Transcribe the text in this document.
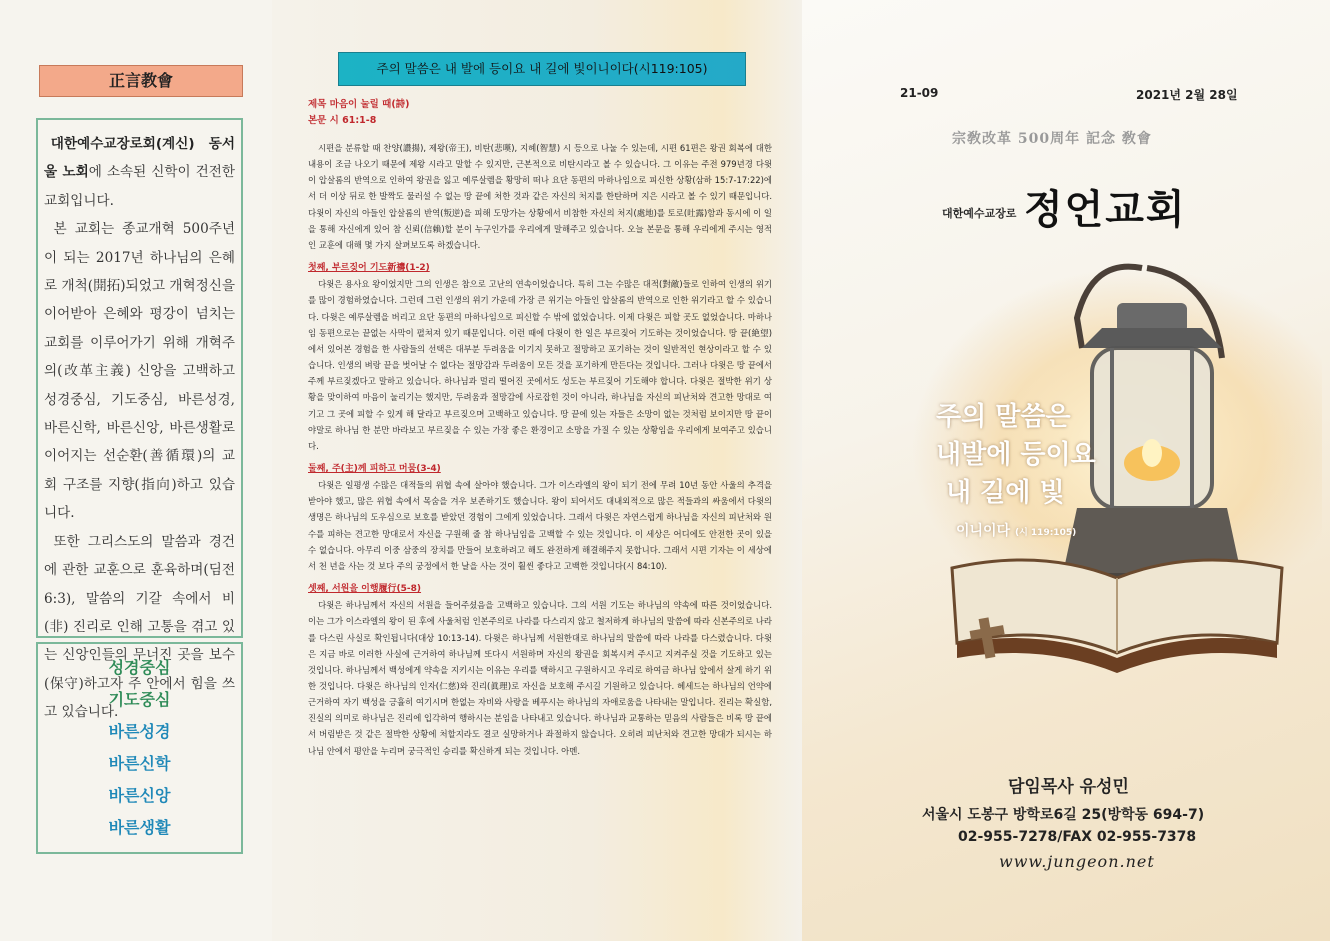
正言教會

대한예수교장로회(계신) 동서울 노회에 소속된 신학이 건전한 교회입니다.

본 교회는 종교개혁 500주년이 되는 2017년 하나님의 은혜로 개척(開拓)되었고 개혁정신을 이어받아 은혜와 평강이 넘치는 교회를 이루어가기 위해 개혁주의(改革主義) 신앙을 고백하고 성경중심, 기도중심, 바른성경, 바른신학, 바른신앙, 바른생활로 이어지는 선순환(善循環)의 교회 구조를 지향(指向)하고 있습니다.

또한 그리스도의 말씀과 경건에 관한 교훈으로 훈육하며(딤전 6:3), 말씀의 기갈 속에서 비(非) 진리로 인해 고통을 겪고 있는 신앙인들의 무너진 곳을 보수(保守)하고자 주 안에서 힘을 쓰고 있습니다.

성경중심
기도중심
바른성경
바른신학
바른신앙
바른생활
주의 말씀은 내 발에 등이요 내 길에 빛이니이다(시119:105)
제목 마음이 눌릴 때(詩)
본문 시 61:1-8

시편을 분류할 때 찬양(讚揚), 제왕(帝王), 비탄(悲嘆), 지혜(智慧) 시 등으로 나눌 수 있는데, 시편 61편은 왕권 회복에 대한 내용이 조금 나오기 때문에 제왕 시라고 말할 수 있지만, 근본적으로 비탄시라고 볼 수 있습니다. 그 이유는 주전 979년경 다윗이 압살롬의 반역으로 인하여 왕권을 잃고 예루살렘을 황망히 떠나 요단 동편의 마하나임으로 피신한 상황(삼하 15:7-17:22)에서 더 이상 뒤로 한 발짝도 물러설 수 없는 땅 끝에 처한 것과 같은 자신의 처지를 한탄하며 지은 시라고 볼 수 있기 때문입니다. 다윗이 자신의 아들인 압살롬의 반역(叛逆)을 피해 도망가는 상황에서 비참한 자신의 처지(處地)를 토로(吐露)함과 동시에 이 일을 통해 자신에게 있어 참 신뢰(信賴)할 분이 누구인가를 우리에게 말해주고 있습니다. 오늘 본문을 통해 우리에게 주시는 영적인 교훈에 대해 몇 가지 살펴보도록 하겠습니다.

첫째, 부르짖어 기도新禱(1-2)

다윗은 용사요 왕이었지만 그의 인생은 참으로 고난의 연속이었습니다. 특히 그는 수많은 대적(對敵)들로 인하여 인생의 위기를 많이 경험하였습니다. 그런데 그런 인생의 위기 가운데 가장 큰 위기는 아들인 압살롬의 반역으로 인한 위기라고 할 수 있습니다. 다윗은 예루살렘을 버리고 요단 동편의 마하나임으로 피신할 수 밖에 없었습니다. 이제 다윗은 피할 곳도 없었습니다. 마하나임 동편으로는 끝없는 사막이 펼쳐져 있기 때문입니다. 이런 때에 다윗이 한 일은 부르짖어 기도하는 것이었습니다. 땅 끝(絶望)에서 있어본 경험을 한 사람들의 선택은 대부분 두려움을 이기지 못하고 절망하고 포기하는 것이 일반적인 현상이라고 할 수 있습니다. 인생의 벼랑 끝을 벗어날 수 없다는 절망감과 두려움이 모든 것을 포기하게 만든다는 것입니다. 그러나 다윗은 땅 끝에서 주께 부르짖겠다고 말하고 있습니다. 하나님과 멀리 떨어진 곳에서도 성도는 부르짖어 기도해야 합니다. 다윗은 절박한 위기 상황을 맞이하여 마음이 눌리기는 했지만, 두려움과 절망감에 사로잡힌 것이 아니라, 하나님을 자신의 피난처와 견고한 망대로 여기고 그 곳에 피할 수 있게 해 달라고 부르짖으며 고백하고 있습니다. 땅 끝에 있는 자들은 소망이 없는 것처럼 보이지만 땅 끝이야말로 하나님 한 분만 바라보고 부르짖을 수 있는 가장 좋은 환경이고 소망을 가질 수 있는 상황임을 우리에게 보여주고 있습니다.

둘째, 주(主)께 피하고 머뭄(3-4)

다윗은 일평생 수많은 대적들의 위협 속에 살아야 했습니다. 그가 이스라엘의 왕이 되기 전에 무려 10년 동안 사울의 추격을 받아야 했고, 많은 위협 속에서 목숨을 겨우 보존하기도 했습니다. 왕이 되어서도 대내외적으로 많은 적들과의 싸움에서 다윗의 생명은 하나님의 도우심으로 보호를 받았던 경험이 그에게 있었습니다. 그래서 다윗은 자연스럽게 하나님을 자신의 피난처와 원수를 피하는 견고한 망대로서 자신을 구원해 줄 참 하나님임을 고백할 수 있는 것입니다. 이 세상은 어디에도 안전한 곳이 있을 수 없습니다. 아무리 이중 삼중의 장치를 만들어 보호하려고 해도 완전하게 해결해주지 못합니다. 그래서 시편 기자는 이 세상에서 천 년을 사는 것 보다 주의 궁정에서 한 날을 사는 것이 훨씬 좋다고 고백한 것입니다(시 84:10).

셋째, 서원을 이행履行(5-8)

다윗은 하나님께서 자신의 서원을 들어주셨음을 고백하고 있습니다. 그의 서원 기도는 하나님의 약속에 따른 것이었습니다. 이는 그가 이스라엘의 왕이 된 후에 사울처럼 인본주의로 나라를 다스리지 않고 철저하게 하나님의 말씀에 따라 신본주의로 나라를 다스린 사실로 확인됩니다(대상 10:13-14). 다윗은 하나님께 서원한대로 하나님의 말씀에 따라 나라를 다스렸습니다. 다윗은 지금 바로 이러한 사실에 근거하여 하나님께 또다시 서원하며 자신의 왕권을 회복시켜 주시고 지켜주실 것을 기도하고 있는 것입니다. 하나님께서 백성에게 약속을 지키시는 이유는 우리를 택하시고 구원하시고 우리로 하여금 하나님 앞에서 살게 하기 위한 것입니다. 다윗은 하나님의 인자(仁慈)와 진리(眞理)로 자신을 보호해 주시길 기원하고 있습니다. 헤세드는 하나님의 언약에 근거하여 자기 백성을 긍휼히 여기시며 한없는 자비와 사랑을 베푸시는 하나님의 자애로움을 나타내는 말입니다. 진리는 확실함, 진실의 의미로 하나님은 진리에 입각하여 행하시는 분임을 나타내고 있습니다. 하나님과 교통하는 믿음의 사람들은 비록 땅 끝에서 버림받은 것 같은 절박한 상황에 처할지라도 결코 실망하거나 좌절하지 않습니다. 오히려 피난처와 견고한 망대가 되시는 하나님 안에서 평안을 누리며 궁극적인 승리를 확신하게 되는 것입니다. 아멘.

21-09	2021년 2월 28일
宗敎改革 500周年 記念 敎會
대한예수교장로 정언교회
주의 말씀은
내발에 등이요
내 길에 빛
이니이다 (시 119:105)
담임목사 유성민
서울시 도봉구 방학로6길 25(방학동 694-7)
02-955-7278/FAX 02-955-7378
www.jungeon.net
